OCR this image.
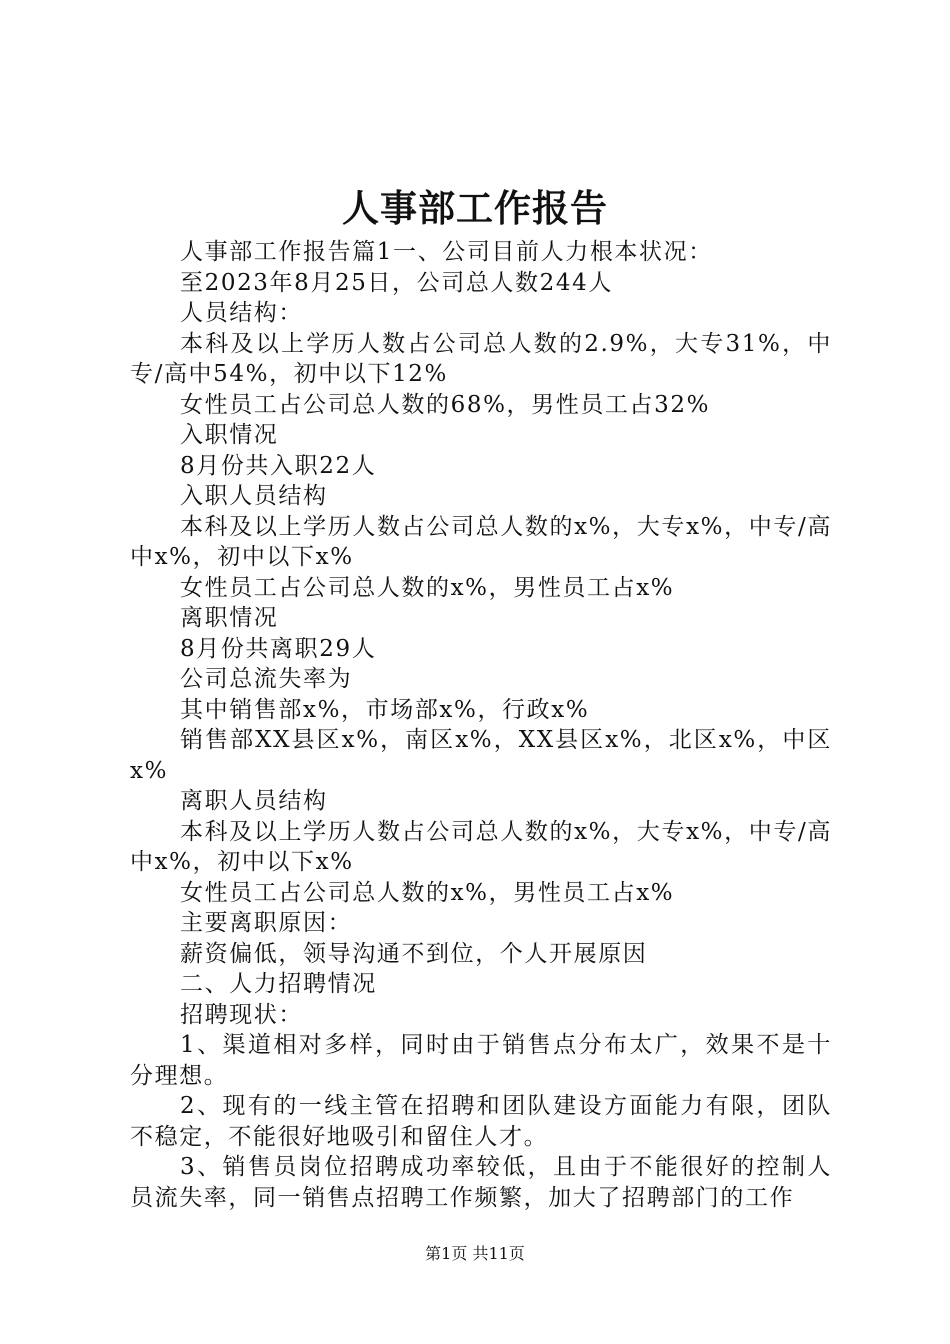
人事部工作报告

人事部工作报告篇1一、公司目前人力根本状况：

至2023年8月25日，公司总人数244人

人员结构：

本科及以上学历人数占公司总人数的2.9%，大专31%，中专/高中54%，初中以下12%

女性员工占公司总人数的68%，男性员工占32%

入职情况

8月份共入职22人

入职人员结构

本科及以上学历人数占公司总人数的x%，大专x%，中专/高中x%，初中以下x%

女性员工占公司总人数的x%，男性员工占x%

离职情况

8月份共离职29人

公司总流失率为

其中销售部x%，市场部x%，行政x%

销售部XX县区x%，南区x%，XX县区x%，北区x%，中区x%

离职人员结构

本科及以上学历人数占公司总人数的x%，大专x%，中专/高中x%，初中以下x%

女性员工占公司总人数的x%，男性员工占x%

主要离职原因：

薪资偏低，领导沟通不到位，个人开展原因

二、人力招聘情况

招聘现状：

1、渠道相对多样，同时由于销售点分布太广，效果不是十分理想。

2、现有的一线主管在招聘和团队建设方面能力有限，团队不稳定，不能很好地吸引和留住人才。

3、销售员岗位招聘成功率较低，且由于不能很好的控制人员流失率，同一销售点招聘工作频繁，加大了招聘部门的工作

第1页 共11页
